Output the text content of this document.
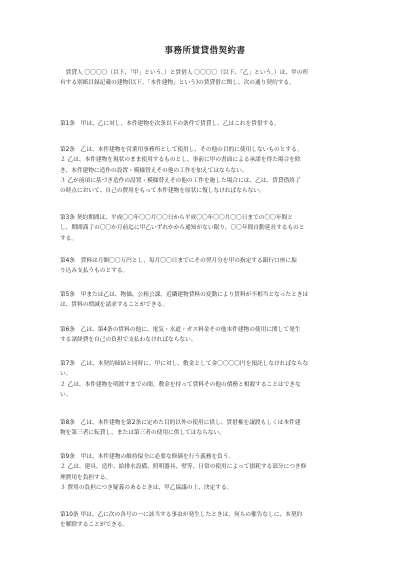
事務所賃貸借契約書
　賃貸人 〇〇〇〇（以下、「甲」という。）と賃借人 〇〇〇〇（以下、「乙」という。）は、甲の所
有する別紙目録記載の建物(以下、「本件建物」という)の賃貸借に関し、次の通り契約する。
第1条　甲は、乙に対し、本件建物を次条以下の条件で賃貸し、乙はこれを賃借する。
第2条　乙は、本件建物を営業用事務所として使用し、その他の目的に使用しないものとする。
２ 乙は、本件建物を現状のまま使用するものとし、事前に甲の書面による承諾を得た場合を除
き、本件建物に造作の設置・模様替えその他の工作を加えてはならない。
３ 乙が前項に基づき造作の設置・模様替えその他の工作を施した場合には、乙は、賃貸借終了
の時点において、自己の費用をもって本件建物を原状に復しなければならない。
第3条 契約期間は、平成〇〇年〇〇月〇〇日から平成〇〇年〇〇月〇〇日までの〇〇年間と
し、期間満了の〇〇か月前迄に甲乙いずれかから通知がない限り、〇〇年間自動延長するものと
する。
第4条　賃料は月額〇〇万円とし、毎月〇〇日までにその翌月分を甲の指定する銀行口座に振
り込み支払うものとする。
第5条　甲または乙は、物価、公租公課、近隣建物賃料の変動により賃料が不相当となったときは
は、賃料の増減を請求することができる。
第6条　乙は、第4条の賃料の他に、電気・水道・ガス料金その他本件建物の使用に関して発生
する諸経費を自己の負担で支払わなければならない。
第7条　乙は、本契約締結と同時に、甲に対し、敷金として金〇〇〇〇円を預託しなければならな
い。
２ 乙は、本件建物を明渡すまでの間、敷金を持って賃料その他の債務と相殺することはできな
い。
第8条　乙は、本件建物を第2条に定めた目的以外の使用に供し、賃借権を譲渡もしくは本件建
物を第三者に転貸し、または第三者の使用に供してはならない。
第9条　甲は、本件建物の維持保全に必要な修繕を行う義務を負う。
２ 乙は、建具、造作、給排水設備、照明器具、壁等、日常の使用によって損耗する部分につき修
理費用を負担する。
３ 費用の負担につき疑義のあるときは、甲乙協議の上、決定する。
第10条 甲は、乙に次の各号の一に該当する事由が発生したときは、何らの催告なしに、本契約
を解除することができる。
